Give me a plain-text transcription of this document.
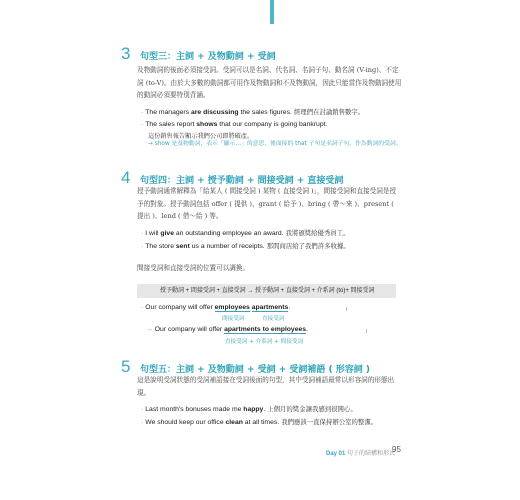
3 句型三：主詞 + 及物動詞 + 受詞
及物動詞的後面必須接受詞。受詞可以是名詞、代名詞、名詞子句、動名詞 (V-ing)、不定詞 (to-V)。由於大多數的動詞都可用作及物動詞和不及物動詞，因此只能當作及物動詞使用的動詞必須要特別背誦。
· The managers are discussing the sales figures. 經理們在討論銷售數字。
· The sales report shows that our company is going bankrupt.
這份銷售報告顯示我們公司即將破產。
→ show 是及物動詞，表示「顯示…」的意思，後面接的 that 子句是名詞子句，作為動詞的受詞。
4 句型四：主詞 + 授予動詞 + 間接受詞 + 直接受詞
授予動詞通常解釋為「給某人 ( 間接受詞 ) 某物 ( 直接受詞 )」，間接受詞和直接受詞是授予的對象。授予動詞包括 offer ( 提供 )、grant ( 給予 )、bring ( 帶～來 )、present ( 提出 )、lend ( 借～給 ) 等。
· I will give an outstanding employee an award. 我將頒獎給優秀員工。
· The store sent us a number of receipts. 那間商店給了我們許多收據。
間接受詞和直接受詞的位置可以調換。
授予動詞 + 間接受詞 + 直接受詞 → 授予動詞 + 直接受詞 + 介系詞 (to)+ 間接受詞
· Our company will offer employees apartments.
間接受詞	直接受詞
→ Our company will offer apartments to employees.
直接受詞 + 介系詞 + 間接受詞
5 句型五：主詞 + 及物動詞 + 受詞 + 受詞補語 ( 形容詞 )
這是說明受詞狀態的受詞補語接在受詞後面的句型，其中受詞補語最常以形容詞的形態出現。
· Last month's bonuses made me happy. 上個月的獎金讓我感到很開心。
· We should keep our office clean at all times. 我們應該一直保持辦公室的整潔。
Day 01 句子的結構和形式
95
